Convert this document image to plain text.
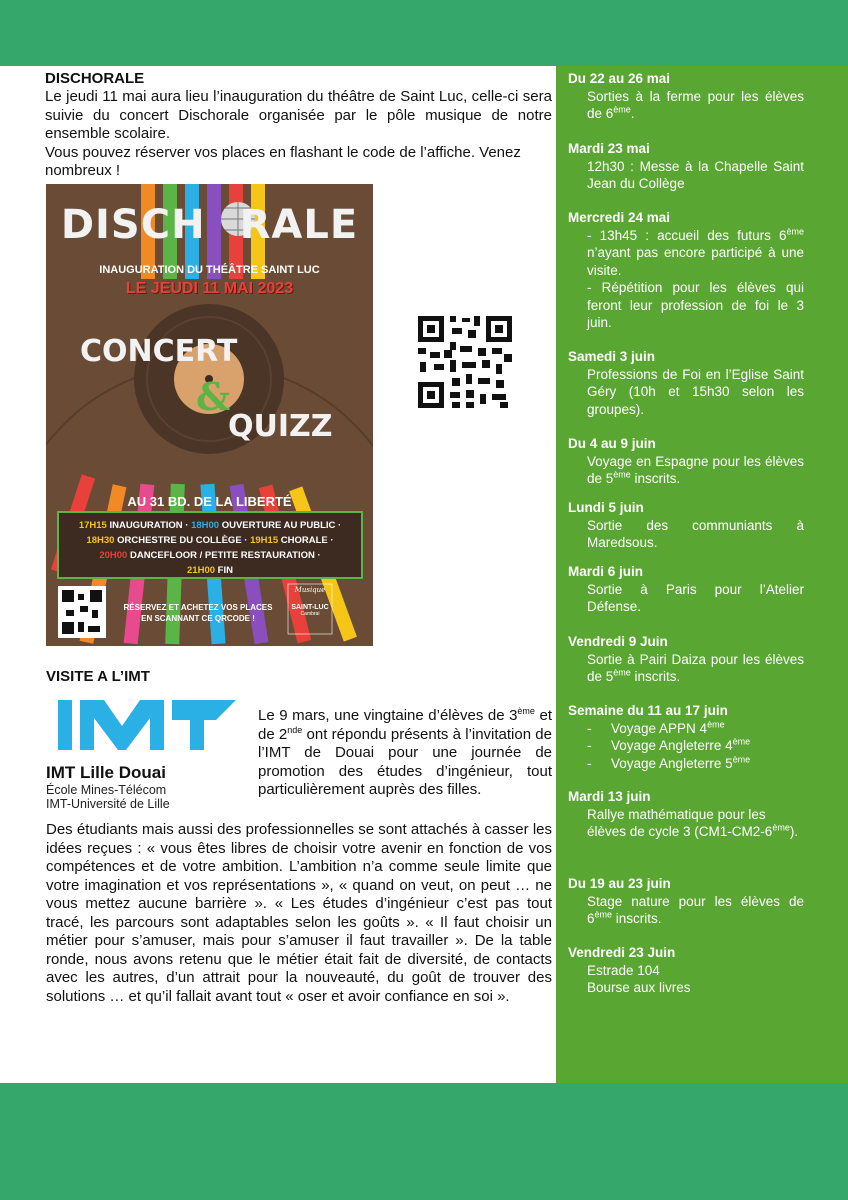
DISCHORALE
Le jeudi 11 mai aura lieu l’inauguration du théâtre de Saint Luc, celle-ci sera suivie du concert Dischorale organisée par le pôle musique de notre ensemble scolaire.
Vous pouvez réserver vos places en flashant le code de l’affiche. Venez nombreux !
DISCH RALE
INAUGURATION DU THÉÂTRE SAINT LUC
LE JEUDI 11 MAI 2023
CONCERT
&
QUIZZ
AU 31 BD. DE LA LIBERTÉ
17H15 INAUGURATION · 18H00 OUVERTURE AU PUBLIC ·
18H30 ORCHESTRE DU COLLÈGE · 19H15 CHORALE ·
20H00 DANCEFLOOR / PETITE RESTAURATION ·
21H00 FIN
RÉSERVEZ ET ACHETEZ VOS PLACES EN SCANNANT CE QRCODE !
Musique
SAINT-LUC
Cambrai
VISITE A L’IMT
IMT Lille Douai
École Mines-Télécom
IMT-Université de Lille
Le 9 mars, une vingtaine d’élèves de 3ème et de 2nde ont répondu présents à l’invitation de l’IMT de Douai pour une journée de promotion des études d’ingénieur, tout particulièrement auprès des filles.
Des étudiants mais aussi des professionnelles se sont attachés à casser les idées reçues : « vous êtes libres de choisir votre avenir en fonction de vos compétences et de votre ambition. L’ambition n’a comme seule limite que votre imagination et vos représentations », « quand on veut, on peut … ne vous mettez aucune barrière ». « Les études d’ingénieur c’est pas tout tracé, les parcours sont adaptables selon les goûts ». « Il faut choisir un métier pour s’amuser, mais pour s’amuser il faut travailler ». De la table ronde, nous avons retenu que le métier était fait de diversité, de contacts avec les autres, d’un attrait pour la nouveauté, du goût de trouver des solutions … et qu’il fallait avant tout « oser et avoir confiance en soi ».
Du 22 au 26 mai
Sorties à la ferme pour les élèves de 6ème.
Mardi 23 mai
12h30 : Messe à la Chapelle Saint Jean du Collège
Mercredi 24 mai
- 13h45 : accueil des futurs 6ème n’ayant pas encore participé à une visite.
- Répétition pour les élèves qui feront leur profession de foi le 3 juin.
Samedi 3 juin
Professions de Foi en l’Eglise Saint Géry (10h et 15h30 selon les groupes).
Du 4 au 9 juin
Voyage en Espagne pour les élèves de 5ème inscrits.
Lundi 5 juin
Sortie des communiants à Maredsous.
Mardi 6 juin
Sortie à Paris pour l’Atelier Défense.
Vendredi 9 Juin
Sortie à Pairi Daiza pour les élèves de 5ème inscrits.
Semaine du 11 au 17 juin
- Voyage APPN 4ème
- Voyage Angleterre 4ème
- Voyage Angleterre 5ème
Mardi 13 juin
Rallye mathématique pour les élèves de cycle 3 (CM1-CM2-6ème).
Du 19 au 23 juin
Stage nature pour les élèves de 6ème inscrits.
Vendredi 23 Juin
Estrade 104
Bourse aux livres
